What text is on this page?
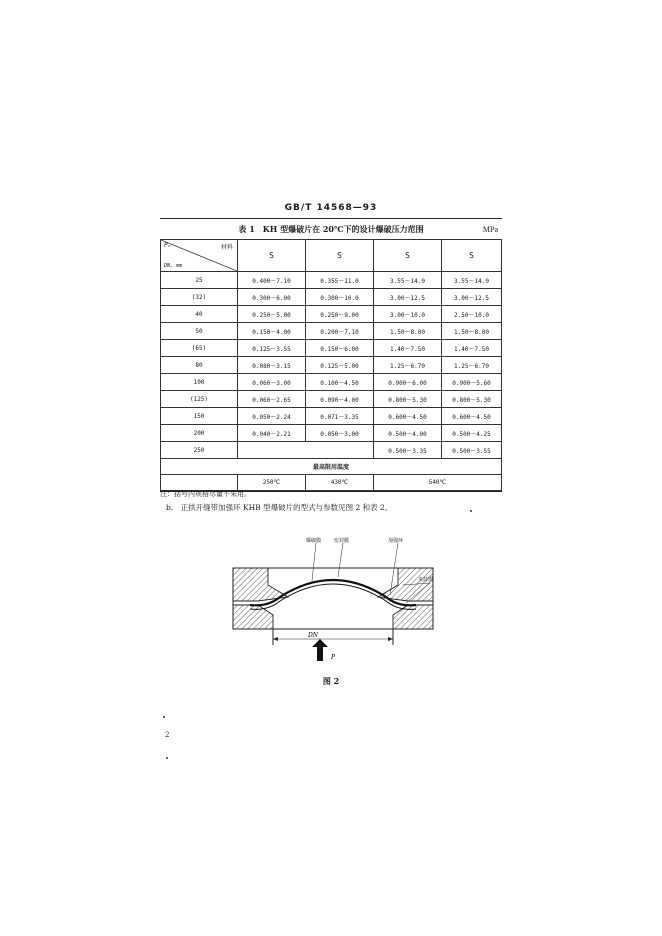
GB/T 14568—93
表 1　KH 型爆破片在 20℃下的设计爆破压力范围	MPa
Pₙ 材料
DN, mm	S	S	S	S
25	0.400～7.10	0.355～11.0	3.55～14.0	3.55～14.0
(32)	0.300～6.00	0.300～10.0	3.00～12.5	3.00～12.5
40	0.250～5.00	0.250～9.00	3.00～10.0	2.50～10.0
50	0.150～4.00	0.200～7.10	1.50～8.00	1.50～8.00
(65)	0.125～3.55	0.150～6.00	1.40～7.50	1.40～7.50
80	0.080～3.15	0.125～5.00	1.25～6.70	1.25～6.70
100	0.060～3.00	0.100～4.50	0.900～6.00	0.900～5.60
(125)	0.060～2.65	0.090～4.00	0.800～5.30	0.800～5.30
150	0.050～2.24	0.071～3.35	0.600～4.50	0.600～4.50
200	0.040～2.21	0.050～3.00	0.500～4.00	0.500～4.25
250			0.500～3.35	0.500～3.55
最高限用温度				
	250℃	430℃	540℃	
注：括号内规格尽量不采用。
b.　正拱开缝带加强环 KHB 型爆破片的型式与参数见图 2 和表 2。
DN
P
爆破膜	密封膜	加强环
夹持器
图 2
2
